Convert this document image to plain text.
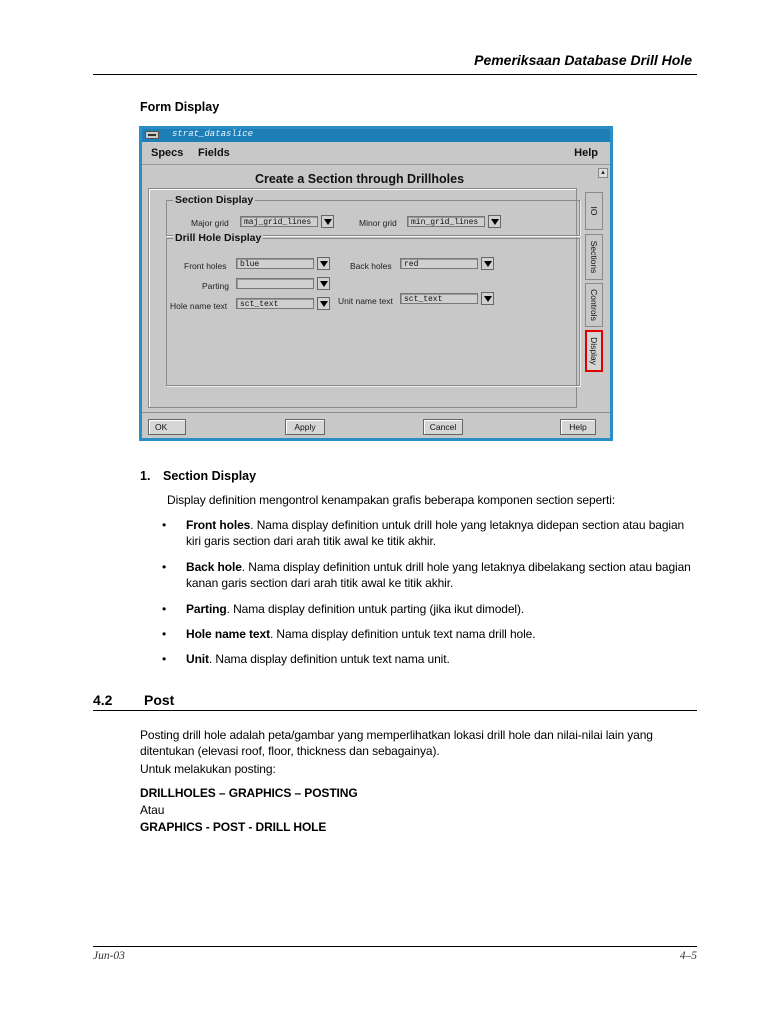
Pemeriksaan Database Drill Hole
Form Display
strat_dataslice
Specs Fields	Help
▴
Create a Section through Drillholes
Section Display
Major grid	maj_grid_lines	Minor grid	min_grid_lines
Drill Hole Display
Front holes	blue	Back holes	red
Parting
Hole name text	sct_text	Unit name text	sct_text
IO
Sections
Controls
Display
OK	Apply	Cancel	Help
1. Section Display
Display definition mengontrol kenampakan grafis beberapa komponen section seperti:
• Front holes. Nama display definition untuk drill hole yang letaknya didepan section atau bagian kiri garis section dari arah titik awal ke titik akhir.
• Back hole. Nama display definition untuk drill hole yang letaknya dibelakang section atau bagian kanan garis section dari arah titik awal ke titik akhir.
• Parting. Nama display definition untuk parting (jika ikut dimodel).
• Hole name text. Nama display definition untuk text nama drill hole.
• Unit. Nama display definition untuk text nama unit.
4.2 Post
Posting drill hole adalah peta/gambar yang memperlihatkan lokasi drill hole dan nilai-nilai lain yang ditentukan (elevasi roof, floor, thickness dan sebagainya).
Untuk melakukan posting:
DRILLHOLES – GRAPHICS – POSTING
Atau
GRAPHICS - POST - DRILL HOLE
Jun-03	4–5
